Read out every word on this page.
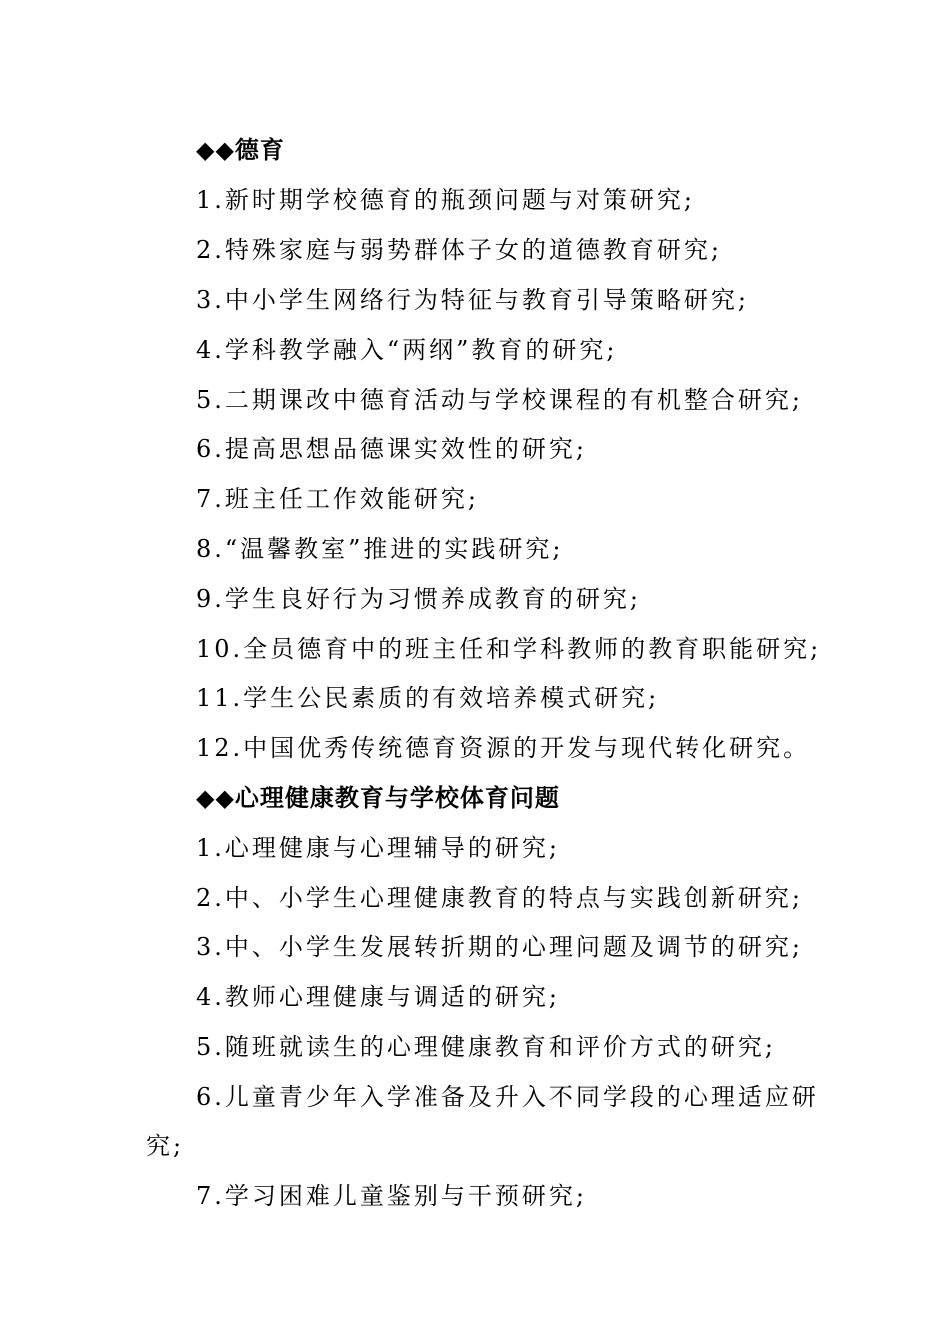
◆◆德育
1.新时期学校德育的瓶颈问题与对策研究;
2.特殊家庭与弱势群体子女的道德教育研究;
3.中小学生网络行为特征与教育引导策略研究;
4.学科教学融入“两纲”教育的研究;
5.二期课改中德育活动与学校课程的有机整合研究;
6.提高思想品德课实效性的研究;
7.班主任工作效能研究;
8.“温馨教室”推进的实践研究;
9.学生良好行为习惯养成教育的研究;
10.全员德育中的班主任和学科教师的教育职能研究;
11.学生公民素质的有效培养模式研究;
12.中国优秀传统德育资源的开发与现代转化研究。
◆◆心理健康教育与学校体育问题
1.心理健康与心理辅导的研究;
2.中、小学生心理健康教育的特点与实践创新研究;
3.中、小学生发展转折期的心理问题及调节的研究;
4.教师心理健康与调适的研究;
5.随班就读生的心理健康教育和评价方式的研究;
6.儿童青少年入学准备及升入不同学段的心理适应研
究;
7.学习困难儿童鉴别与干预研究;
